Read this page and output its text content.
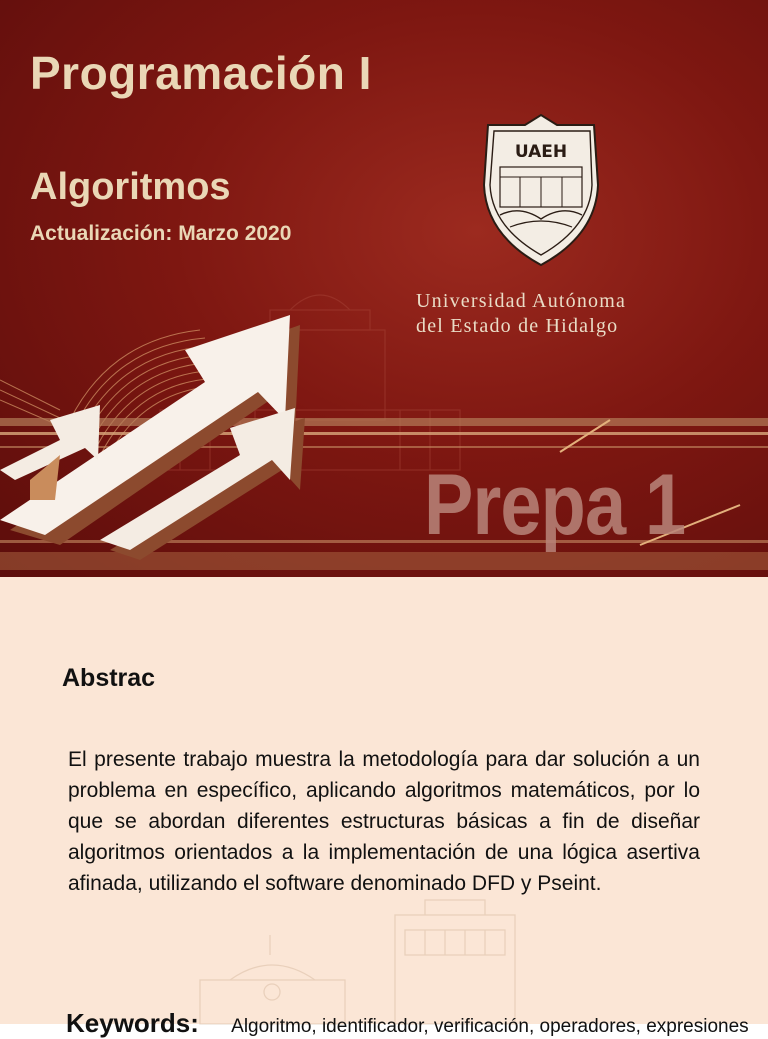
Programación I
Algoritmos

Actualización: Marzo 2020

UAEH

Universidad Autónoma

del Estado de Hidalgo

Prepa 1

Abstrac

El presente trabajo muestra la metodología para dar solución a un problema en específico, aplicando algoritmos matemáticos, por lo que se abordan diferentes estructuras básicas a fin de diseñar algoritmos orientados a la implementación de una lógica asertiva afinada, utilizando el software denominado DFD y Pseint.

Keywords: Algoritmo, identificador, verificación, operadores, expresiones
